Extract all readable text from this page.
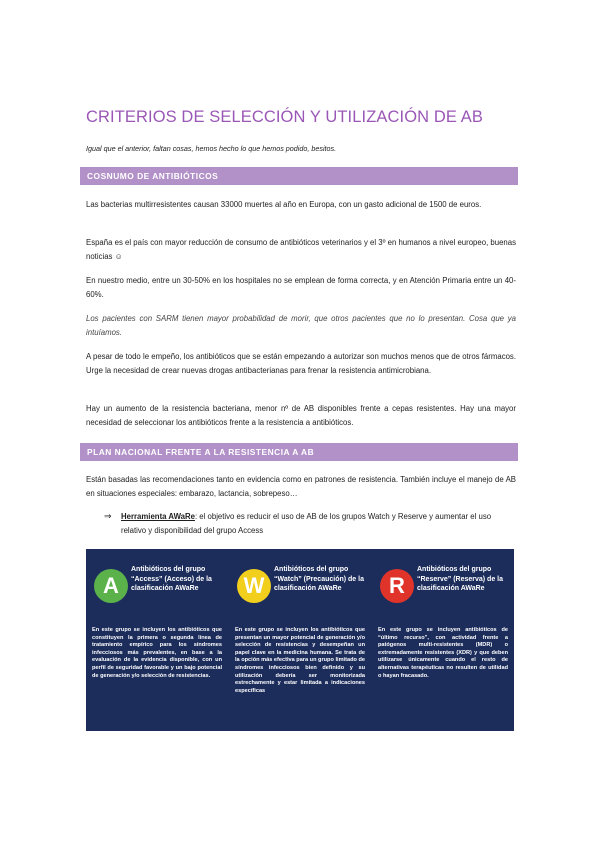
CRITERIOS DE SELECCIÓN Y UTILIZACIÓN DE AB
Igual que el anterior, faltan cosas, hemos hecho lo que hemos podido, besitos.
COSNUMO DE ANTIBIÓTICOS
Las bacterias multirresistentes causan 33000 muertes al año en Europa, con un gasto adicional de 1500 de euros.
España es el país con mayor reducción de consumo de antibióticos veterinarios y el 3º en humanos a nivel europeo, buenas noticias ☺
En nuestro medio, entre un 30-50% en los hospitales no se emplean de forma correcta, y en Atención Primaria entre un 40-60%.
Los pacientes con SARM tienen mayor probabilidad de morir, que otros pacientes que no lo presentan. Cosa que ya intuíamos.
A pesar de todo le empeño, los antibióticos que se están empezando a autorizar son muchos menos que de otros fármacos. Urge la necesidad de crear nuevas drogas antibacterianas para frenar la resistencia antimicrobiana.
Hay un aumento de la resistencia bacteriana, menor nº de AB disponibles frente a cepas resistentes. Hay una mayor necesidad de seleccionar los antibióticos frente a la resistencia a antibióticos.
PLAN NACIONAL FRENTE A LA RESISTENCIA A AB
Están basadas las recomendaciones tanto en evidencia como en patrones de resistencia. También incluye el manejo de AB en situaciones especiales: embarazo, lactancia, sobrepeso…
⇒ Herramienta AWaRe: el objetivo es reducir el uso de AB de los grupos Watch y Reserve y aumentar el uso relativo y disponibilidad del grupo Access
A
Antibióticos del grupo “Access” (Acceso) de la clasificación AWaRe
En este grupo se incluyen los antibióticos que constituyen la primera o segunda línea de tratamiento empírico para los síndromes infecciosos más prevalentes, en base a la evaluación de la evidencia disponible, con un perfil de seguridad favorable y un bajo potencial de generación y/o selección de resistencias.
W
Antibióticos del grupo “Watch” (Precaución) de la clasificación AWaRe
En este grupo se incluyen los antibióticos que presentan un mayor potencial de generación y/o selección de resistencias y desempeñan un papel clave en la medicina humana. Se trata de la opción más efectiva para un grupo limitado de síndromes infecciosos bien definido y su utilización debería ser monitorizada estrechamente y estar limitada a indicaciones específicas
R
Antibióticos del grupo “Reserve” (Reserva) de la clasificación AWaRe
En este grupo se incluyen antibióticos de “último recurso”, con actividad frente a patógenos multi-resistentes (MDR) o extremadamente resistentes (XDR) y que deben utilizarse únicamente cuando el resto de alternativas terapéuticas no resulten de utilidad o hayan fracasado.
